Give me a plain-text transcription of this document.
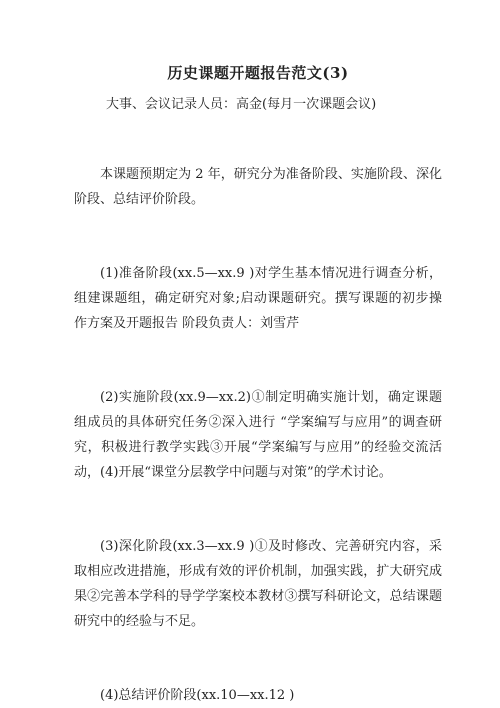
历史课题开题报告范文(3)

大事、会议记录人员：高金(每月一次课题会议)

本课题预期定为 2 年，研究分为准备阶段、实施阶段、深化阶段、总结评价阶段。

(1)准备阶段(xx.5—xx.9 )对学生基本情况进行调查分析，组建课题组，确定研究对象;启动课题研究。撰写课题的初步操作方案及开题报告 阶段负责人：刘雪芹

(2)实施阶段(xx.9—xx.2)①制定明确实施计划，确定课题组成员的具体研究任务②深入进行 “学案编写与应用”的调查研究，积极进行教学实践③开展“学案编写与应用”的经验交流活动，(4)开展“课堂分层教学中问题与对策”的学术讨论。

(3)深化阶段(xx.3—xx.9 )①及时修改、完善研究内容，采取相应改进措施，形成有效的评价机制，加强实践，扩大研究成果②完善本学科的导学学案校本教材③撰写科研论文，总结课题研究中的经验与不足。

(4)总结评价阶段(xx.10—xx.12 )
